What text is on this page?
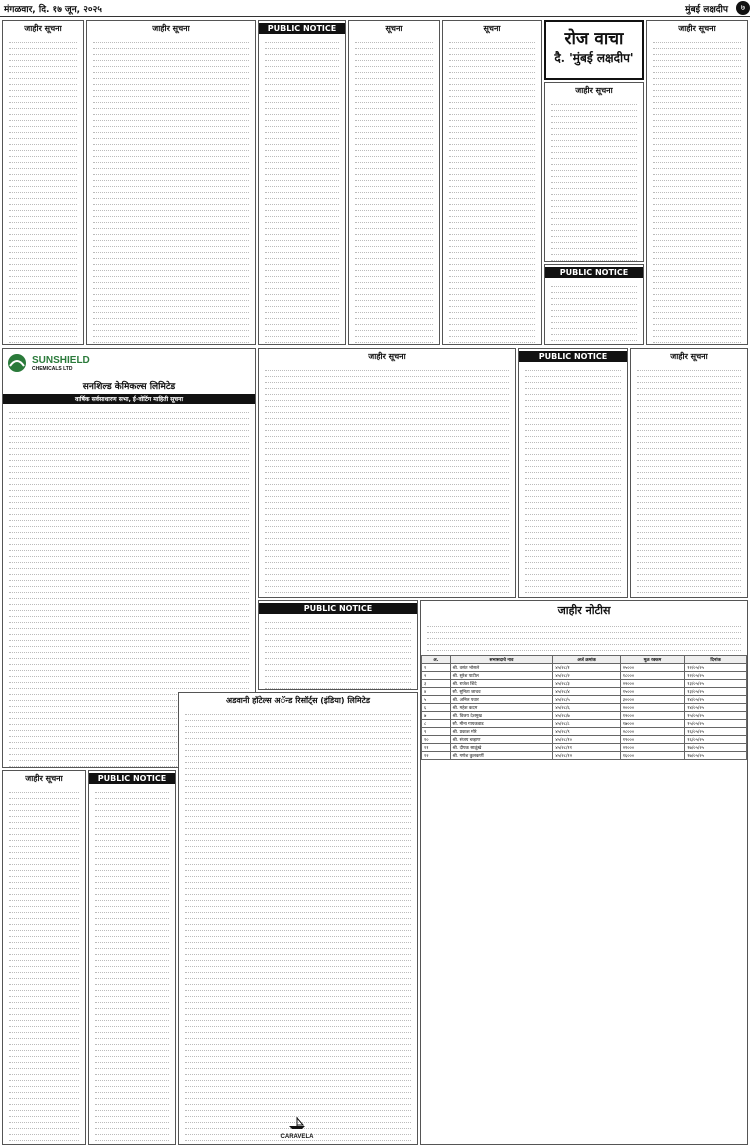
मंगळवार, दि. १७ जून, २०२५	मुंबई लक्षदीप	७
जाहीर सूचना	जाहीर सूचना	PUBLIC NOTICE	सूचना	सूचना
रोज वाचा
दै. 'मुंबई लक्षदीप'
जाहीर सूचना
PUBLIC NOTICE
जाहीर सूचना
SUNSHIELD
CHEMICALS LTD
सनशिल्ड केमिकल्स लिमिटेड
वार्षिक सर्वसाधारण सभा, ई-वोटिंग माहिती सूचना
जाहीर सूचना	PUBLIC NOTICE	जाहीर सूचना
PUBLIC NOTICE	जाहीर नोटीस
अ.	सभासदाचे नाव	अर्ज क्रमांक	मूळ रक्कम	दिनांक
१	श्री. वसंत भोसले	४५/२८/१	२५०००	१२/०५/२५
२	श्री. सुरेश पाटील	४५/२८/२	१८०००	१२/०५/२५
३	श्री. राजेश शिंदे	४५/२८/३	२२०००	१३/०५/२५
४	सौ. सुनिता जाधव	४५/२८/४	१५०००	१३/०५/२५
५	श्री. अनिल पवार	४५/२८/५	३००००	१४/०५/२५
६	श्री. महेश कदम	४५/२८/६	२००००	१४/०५/२५
७	श्री. विजय देशमुख	४५/२८/७	१२०००	१५/०५/२५
८	सौ. मीना गायकवाड	४५/२८/८	१७०००	१५/०५/२५
९	श्री. प्रकाश मोरे	४५/२८/९	२८०००	१६/०५/२५
१०	श्री. संजय चव्हाण	४५/२८/१०	१९०००	१६/०५/२५
११	श्री. दीपक साळुंखे	४५/२८/११	२१०००	१७/०५/२५
१२	श्री. गणेश कुलकर्णी	४५/२८/१२	१६०००	१७/०५/२५
अडवानी हॉटेल्स अॅन्ड रिसॉर्ट्स (इंडिया) लिमिटेड
CARAVELA
जाहीर सूचना	PUBLIC NOTICE
